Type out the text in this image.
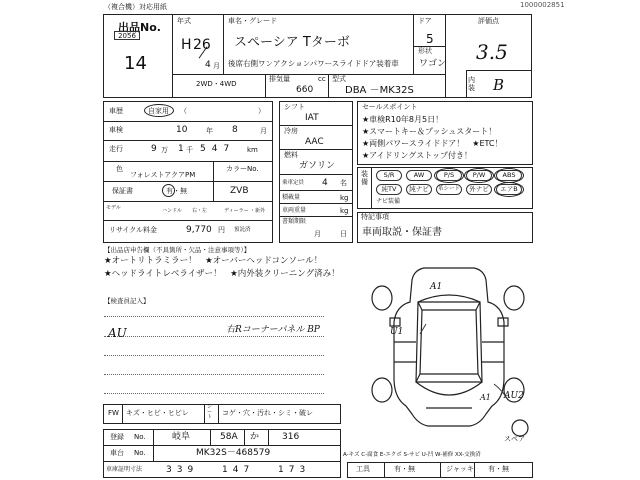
（複合機）対応用紙	1000002851
出品No.
2056
14
年式
H 26
4 月
車名・グレード
スペーシア Tターボ
後席右側ワンアクションパワースライドドア装着車
ドア
5
形状
ワゴン
2WD・4WD
排気量
660
cc 型式
DBA －MK32S
評価点
3.5
内装 B
車歴	自家用 （	）
車検	10	年 8	月
走行	9 万 1 千 547 km
色
フォレストアクアPM
カラーNo.
保証書	有・無	ZVB
モデル	ハンドル 右・左	ディーラー ・新外
リサイクル料金	9,770 円 預託済
シフト
IAT
冷房
AAC
燃料
ガソリン
乗車定員 4 名
積載量	kg
車両重量	kg
書類期限
月	日
セールスポイント
★車検R10年8月5日！
★スマートキー＆プッシュスタート！
★両側パワースライドドア！　★ETC！
★アイドリングストップ付き！
装備
S/R	AW	P/S	P/W	ABS
純TV	純ナビ	革シート	外ナビ	エアB
ナビ装備
特記事項
車両取説・保証書
【出品店申告欄（不具箇所・欠品・注意事項等）】
★オートリトラミラー！　★オーバーヘッドコンソール！
★ヘッドライトレベライザー！　★内外装クリーニング済み！
【検査員記入】
AU	右Rコーナーパネル BP
A1
U1
A1 AU2
スペア
FW キズ・ヒビ・ヒビレ
シート	コゲ・穴・汚れ・シミ・破レ
登録 No.	岐阜	58A か	316
車台 No.	MK32S－468579
車庫証明寸法	339	147	173
A-キズ C-腐食 E-エクボ S-サビ U-凹 W-補修 XX-交換済
工具	有・無	ジャッキ 有・無
